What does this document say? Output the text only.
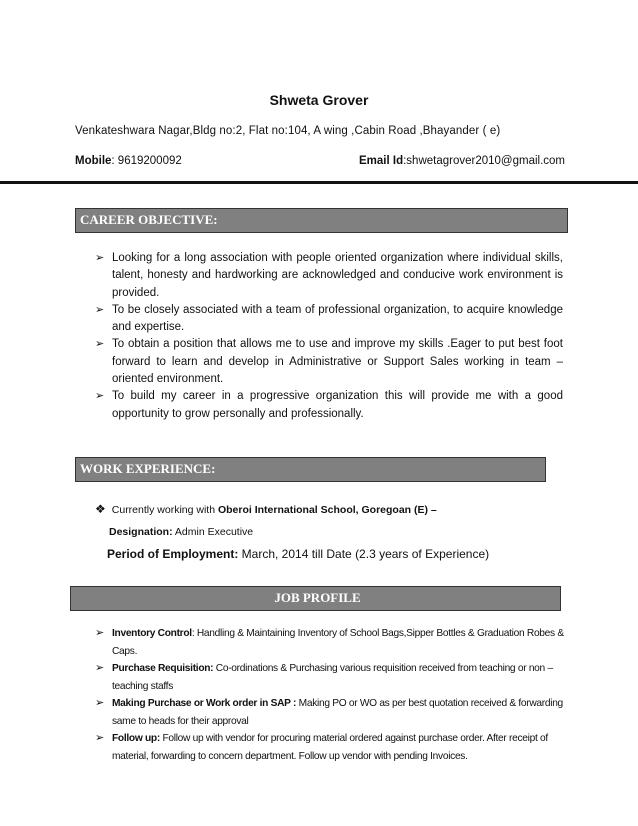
Shweta Grover
Venkateshwara Nagar,Bldg no:2, Flat no:104, A wing ,Cabin Road ,Bhayander ( e)
Mobile: 9619200092	Email Id:shwetagrover2010@gmail.com
CAREER OBJECTIVE:
➢ Looking for a long association with people oriented organization where individual skills, talent, honesty and hardworking are acknowledged and conducive work environment is provided.
➢ To be closely associated with a team of professional organization, to acquire knowledge and expertise.
➢ To obtain a position that allows me to use and improve my skills .Eager to put best foot forward to learn and develop in Administrative or Support Sales working in team – oriented environment.
➢ To build my career in a progressive organization this will provide me with a good opportunity to grow personally and professionally.
WORK EXPERIENCE:
❖ Currently working with Oberoi International School, Goregoan (E) –
Designation: Admin Executive
Period of Employment: March, 2014 till Date (2.3 years of Experience)
JOB PROFILE
➢ Inventory Control: Handling & Maintaining Inventory of School Bags,Sipper Bottles & Graduation Robes & Caps.
➢ Purchase Requisition: Co-ordinations & Purchasing various requisition received from teaching or non –teaching staffs
➢ Making Purchase or Work order in SAP : Making PO or WO as per best quotation received & forwarding same to heads for their approval
➢ Follow up: Follow up with vendor for procuring material ordered against purchase order. After receipt of material, forwarding to concern department. Follow up vendor with pending Invoices.
